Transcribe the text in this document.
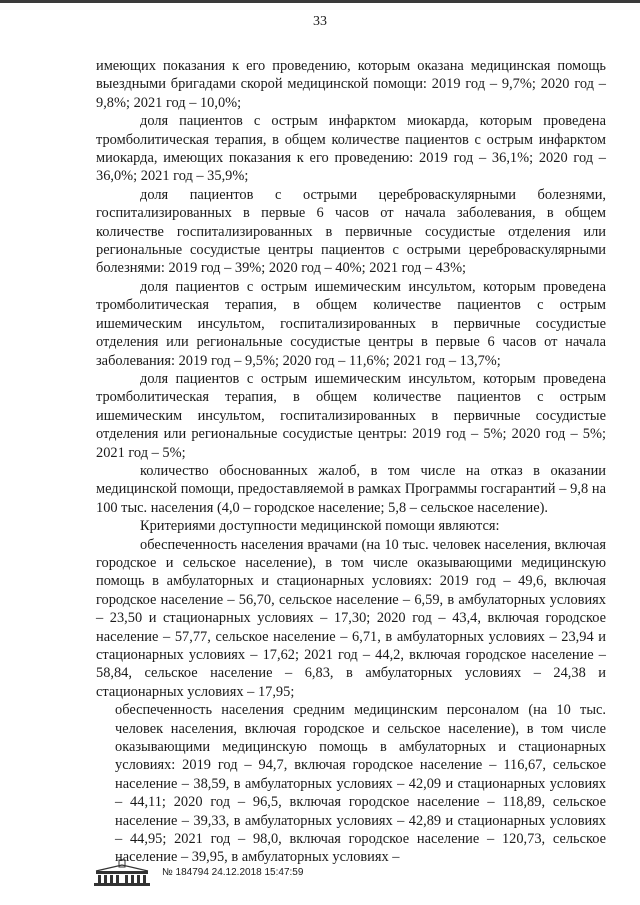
33

имеющих показания к его проведению, которым оказана медицинская помощь выездными бригадами скорой медицинской помощи: 2019 год – 9,7%; 2020 год – 9,8%; 2021 год – 10,0%;

доля пациентов с острым инфарктом миокарда, которым проведена тромболитическая терапия, в общем количестве пациентов с острым инфарктом миокарда, имеющих показания к его проведению: 2019 год – 36,1%; 2020 год – 36,0%; 2021 год – 35,9%;

доля пациентов с острыми цереброваскулярными болезнями, госпитализированных в первые 6 часов от начала заболевания, в общем количестве госпитализированных в первичные сосудистые отделения или региональные сосудистые центры пациентов с острыми цереброваскулярными болезнями: 2019 год – 39%; 2020 год – 40%; 2021 год – 43%;

доля пациентов с острым ишемическим инсультом, которым проведена тромболитическая терапия, в общем количестве пациентов с острым ишемическим инсультом, госпитализированных в первичные сосудистые отделения или региональные сосудистые центры в первые 6 часов от начала заболевания: 2019 год – 9,5%; 2020 год – 11,6%; 2021 год – 13,7%;

доля пациентов с острым ишемическим инсультом, которым проведена тромболитическая терапия, в общем количестве пациентов с острым ишемическим инсультом, госпитализированных в первичные сосудистые отделения или региональные сосудистые центры: 2019 год – 5%; 2020 год – 5%; 2021 год – 5%;

количество обоснованных жалоб, в том числе на отказ в оказании медицинской помощи, предоставляемой в рамках Программы госгарантий – 9,8 на 100 тыс. населения (4,0 – городское население; 5,8 – сельское население).

Критериями доступности медицинской помощи являются:

обеспеченность населения врачами (на 10 тыс. человек населения, включая городское и сельское население), в том числе оказывающими медицинскую помощь в амбулаторных и стационарных условиях: 2019 год – 49,6, включая городское население – 56,70, сельское население – 6,59, в амбулаторных условиях – 23,50 и стационарных условиях – 17,30; 2020 год – 43,4, включая городское население – 57,77, сельское население – 6,71, в амбулаторных условиях – 23,94 и стационарных условиях – 17,62; 2021 год – 44,2, включая городское население – 58,84, сельское население – 6,83, в амбулаторных условиях – 24,38 и стационарных условиях – 17,95;

обеспеченность населения средним медицинским персоналом (на 10 тыс. человек населения, включая городское и сельское население), в том числе оказывающими медицинскую помощь в амбулаторных и стационарных условиях: 2019 год – 94,7, включая городское население – 116,67, сельское население – 38,59, в амбулаторных условиях – 42,09 и стационарных условиях – 44,11; 2020 год – 96,5, включая городское население – 118,89, сельское население – 39,33, в амбулаторных условиях – 42,89 и стационарных условиях – 44,95; 2021 год – 98,0, включая городское население – 120,73, сельское население – 39,95, в амбулаторных условиях –

№ 184794 24.12.2018 15:47:59
